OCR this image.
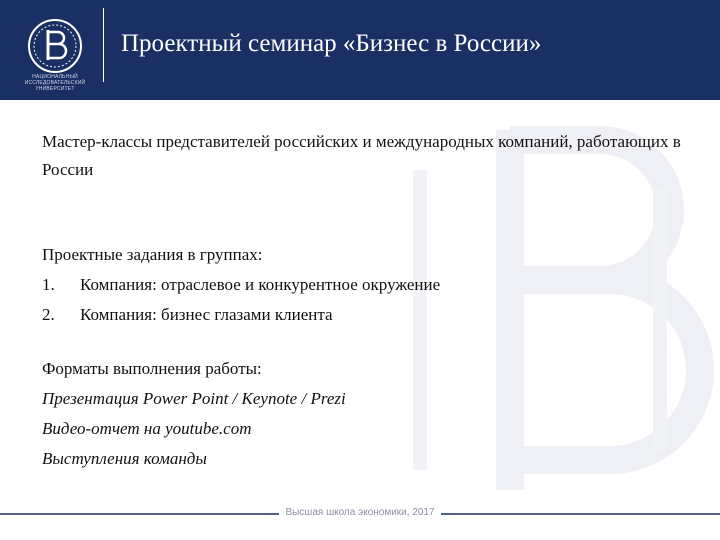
НАЦИОНАЛЬНЫЙ ИССЛЕДОВАТЕЛЬСКИЙ УНИВЕРСИТЕТ
Проектный семинар «Бизнес в России»
Мастер-классы представителей российских и международных компаний, работающих в России
Проектные задания в группах:
1.	Компания: отраслевое и конкурентное окружение
2.	Компания: бизнес глазами клиента
Форматы выполнения работы:
Презентация Power Point / Keynote / Prezi
Видео-отчет на youtube.com
Выступления команды
Высшая школа экономики, 2017
